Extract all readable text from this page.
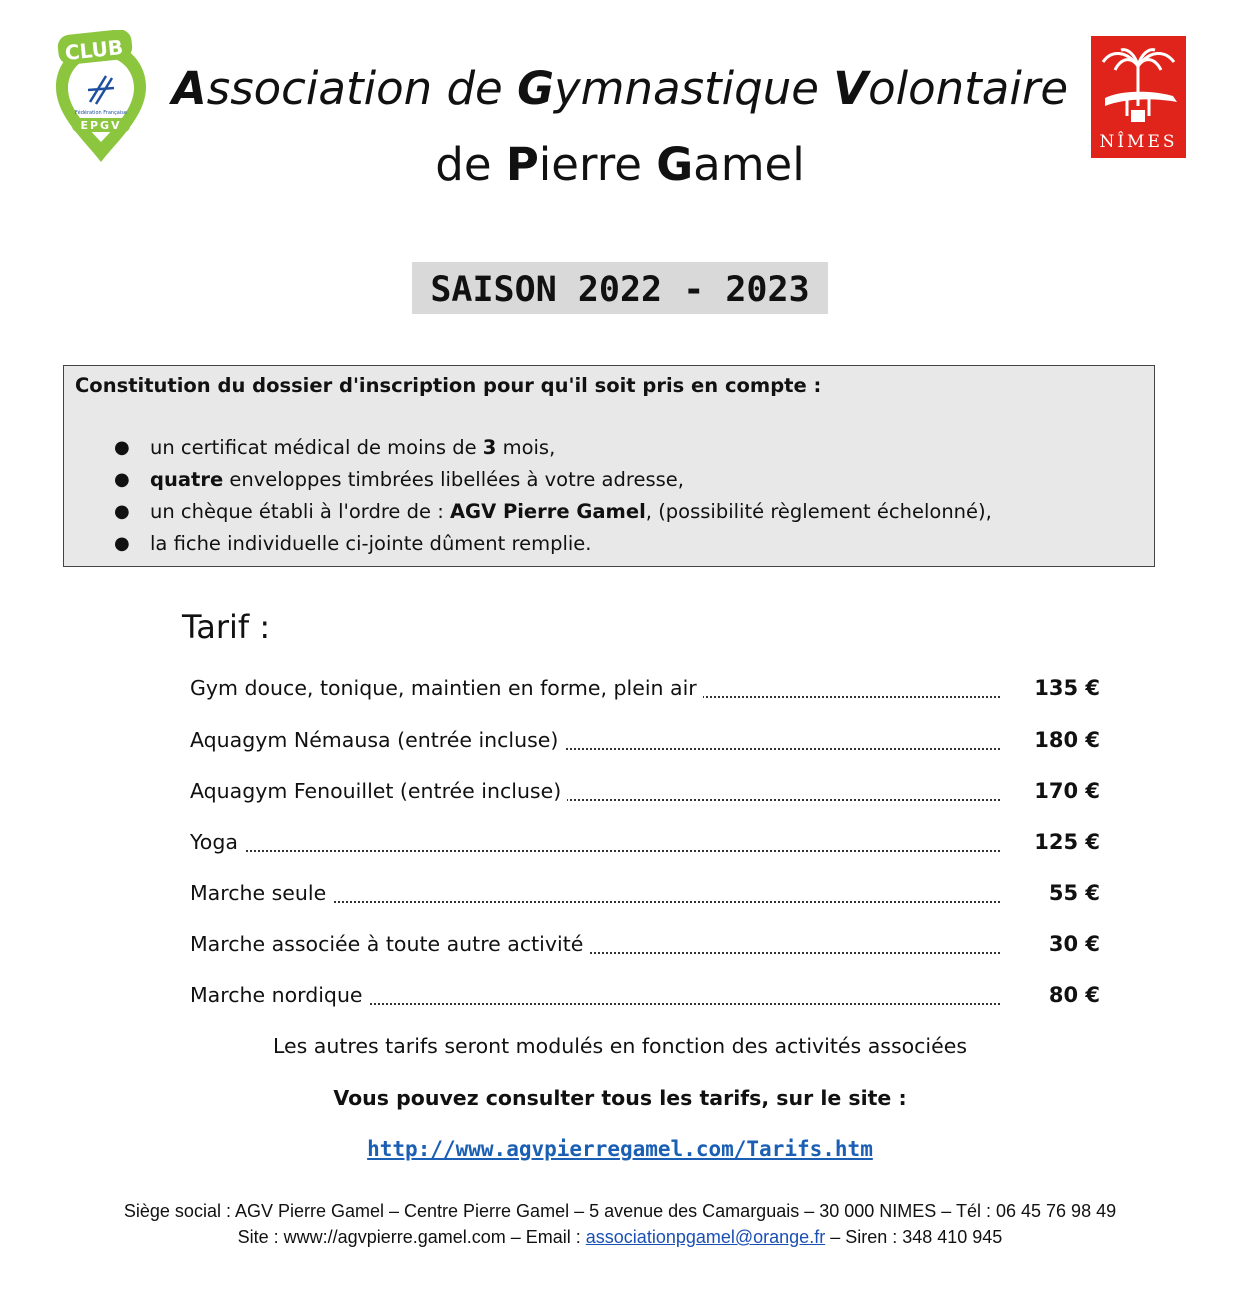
CLUB
Fédération Française
EPGV
NÎMES
Association de Gymnastique Volontaire
de Pierre Gamel
SAISON 2022 - 2023
Constitution du dossier d'inscription pour qu'il soit pris en compte :
● un certificat médical de moins de 3 mois,
● quatre enveloppes timbrées libellées à votre adresse,
● un chèque établi à l'ordre de : AGV Pierre Gamel, (possibilité règlement échelonné),
● la fiche individuelle ci-jointe dûment remplie.
Tarif :
Gym douce, tonique, maintien en forme, plein air	135 €
Aquagym Némausa (entrée incluse)	180 €
Aquagym Fenouillet (entrée incluse)	170 €
Yoga	125 €
Marche seule	55 €
Marche associée à toute autre activité	30 €
Marche nordique	80 €
Les autres tarifs seront modulés en fonction des activités associées
Vous pouvez consulter tous les tarifs, sur le site :
http://www.agvpierregamel.com/Tarifs.htm
Siège social : AGV Pierre Gamel – Centre Pierre Gamel – 5 avenue des Camarguais – 30 000 NIMES – Tél : 06 45 76 98 49
Site : www://agvpierre.gamel.com – Email : associationpgamel@orange.fr – Siren : 348 410 945
